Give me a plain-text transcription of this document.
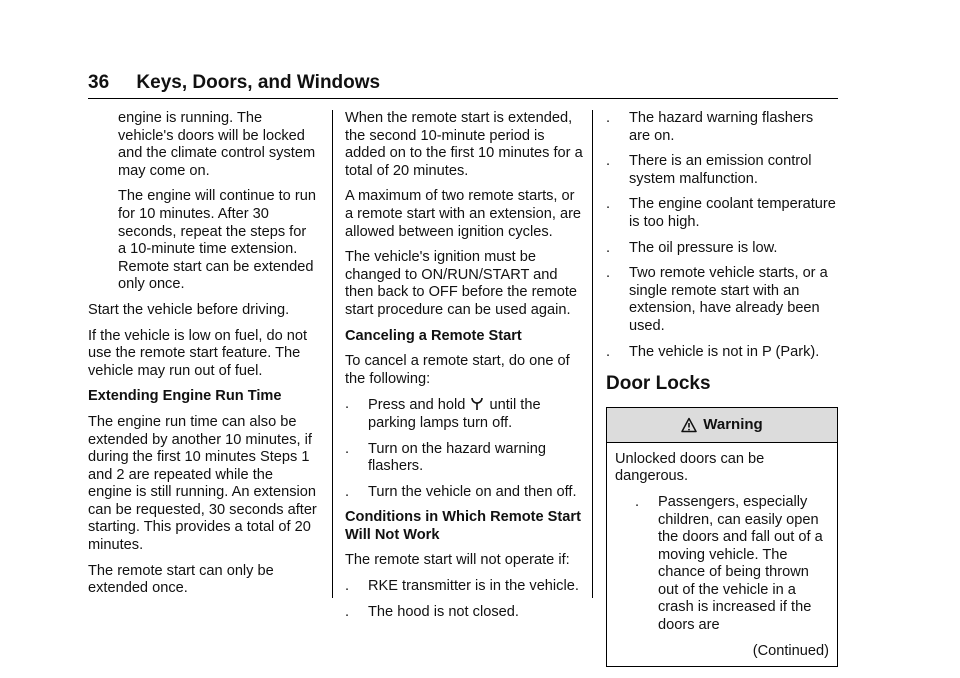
36 Keys, Doors, and Windows

engine is running. The vehicle's doors will be locked and the climate control system may come on.

The engine will continue to run for 10 minutes. After 30 seconds, repeat the steps for a 10-minute time extension. Remote start can be extended only once.

Start the vehicle before driving.

If the vehicle is low on fuel, do not use the remote start feature. The vehicle may run out of fuel.

Extending Engine Run Time

The engine run time can also be extended by another 10 minutes, if during the first 10 minutes Steps 1 and 2 are repeated while the engine is still running. An extension can be requested, 30 seconds after starting. This provides a total of 20 minutes.

The remote start can only be extended once.

When the remote start is extended, the second 10-minute period is added on to the first 10 minutes for a total of 20 minutes.

A maximum of two remote starts, or a remote start with an extension, are allowed between ignition cycles.

The vehicle's ignition must be changed to ON/RUN/START and then back to OFF before the remote start procedure can be used again.

Canceling a Remote Start

To cancel a remote start, do one of the following:

.	Press and hold until the parking lamps turn off.
.	Turn on the hazard warning flashers.
.	Turn the vehicle on and then off.

Conditions in Which Remote Start Will Not Work

The remote start will not operate if:

.	RKE transmitter is in the vehicle.
.	The hood is not closed.
.	The hazard warning flashers are on.
.	There is an emission control system malfunction.
.	The engine coolant temperature is too high.
.	The oil pressure is low.
.	Two remote vehicle starts, or a single remote start with an extension, have already been used.
.	The vehicle is not in P (Park).
Door Locks
Warning

Unlocked doors can be dangerous.

.	Passengers, especially children, can easily open the doors and fall out of a moving vehicle. The chance of being thrown out of the vehicle in a crash is increased if the doors are

(Continued)
